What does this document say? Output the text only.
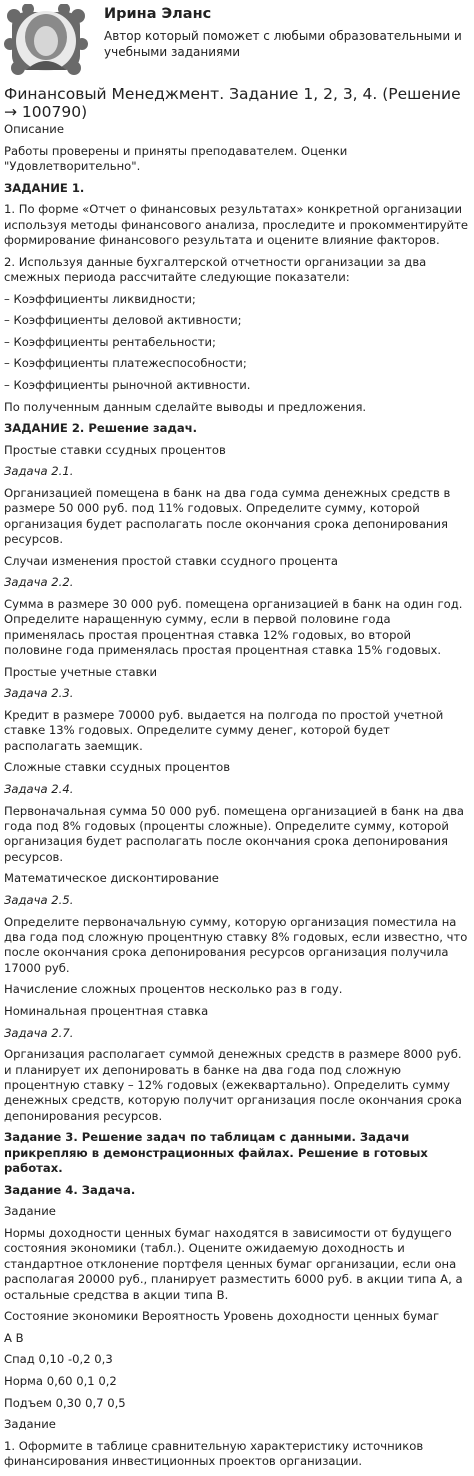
Ирина Эланс
Автор который поможет с любыми образовательными и учебными заданиями
Финансовый Менеджмент. Задание 1, 2, 3, 4. (Решение → 100790)

Описание

Работы проверены и приняты преподавателем. Оценки "Удовлетворительно".

ЗАДАНИЕ 1.

1. По форме «Отчет о финансовых результатах» конкретной организации используя методы финансового анализа, проследите и прокомментируйте формирование финансового результата и оцените влияние факторов.

2. Используя данные бухгалтерской отчетности организации за два смежных периода рассчитайте следующие показатели:

– Коэффициенты ликвидности;

– Коэффициенты деловой активности;

– Коэффициенты рентабельности;

– Коэффициенты платежеспособности;

– Коэффициенты рыночной активности.

По полученным данным сделайте выводы и предложения.

ЗАДАНИЕ 2. Решение задач.

Простые ставки ссудных процентов

Задача 2.1.

Организацией помещена в банк на два года сумма денежных средств в размере 50 000 руб. под 11% годовых. Определите сумму, которой организация будет располагать после окончания срока депонирования ресурсов.

Случаи изменения простой ставки ссудного процента

Задача 2.2.

Сумма в размере 30 000 руб. помещена организацией в банк на один год. Определите наращенную сумму, если в первой половине года применялась простая процентная ставка 12% годовых, во второй половине года применялась простая процентная ставка 15% годовых.

Простые учетные ставки

Задача 2.3.

Кредит в размере 70000 руб. выдается на полгода по простой учетной ставке 13% годовых. Определите сумму денег, которой будет располагать заемщик.

Сложные ставки ссудных процентов

Задача 2.4.

Первоначальная сумма 50 000 руб. помещена организацией в банк на два года под 8% годовых (проценты сложные). Определите сумму, которой организация будет располагать после окончания срока депонирования ресурсов.

Математическое дисконтирование

Задача 2.5.

Определите первоначальную сумму, которую организация поместила на два года под сложную процентную ставку 8% годовых, если известно, что после окончания срока депонирования ресурсов организация получила 17000 руб.

Начисление сложных процентов несколько раз в году.

Номинальная процентная ставка

Задача 2.7.

Организация располагает суммой денежных средств в размере 8000 руб. и планирует их депонировать в банке на два года под сложную процентную ставку – 12% годовых (ежеквартально). Определить сумму денежных средств, которую получит организация после окончания срока депонирования ресурсов.

Задание 3. Решение задач по таблицам с данными. Задачи прикрепляю в демонстрационных файлах. Решение в готовых работах.

Задание 4. Задача.

Задание

Нормы доходности ценных бумаг находятся в зависимости от будущего состояния экономики (табл.). Оцените ожидаемую доходность и стандартное отклонение портфеля ценных бумаг организации, если она располагая 20000 руб., планирует разместить 6000 руб. в акции типа А, а остальные средства в акции типа В.

Состояние экономики Вероятность Уровень доходности ценных бумаг

А В

Спад 0,10 -0,2 0,3

Норма 0,60 0,1 0,2

Подъем 0,30 0,7 0,5

Задание

1. Оформите в таблице сравнительную характеристику источников финансирования инвестиционных проектов организации.
